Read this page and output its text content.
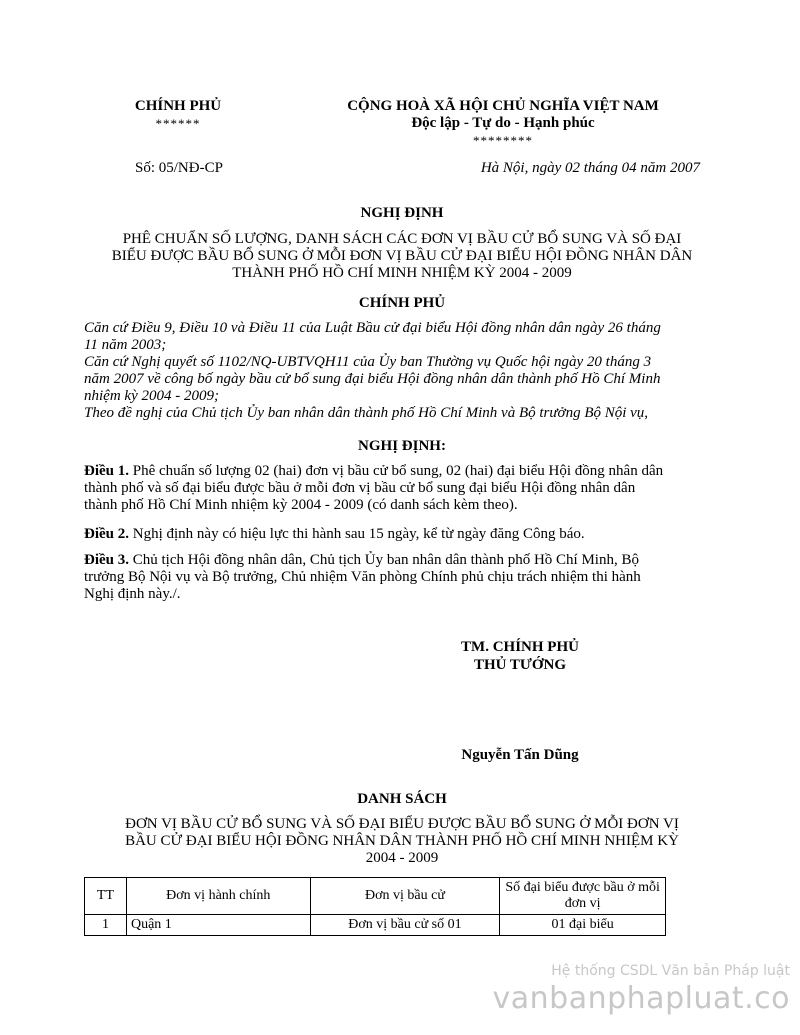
CHÍNH PHỦ
******
CỘNG HOÀ XÃ HỘI CHỦ NGHĨA VIỆT NAM
Độc lập - Tự do - Hạnh phúc
********
Số: 05/NĐ-CP	Hà Nội, ngày 02 tháng 04 năm 2007
NGHỊ ĐỊNH
PHÊ CHUẨN SỐ LƯỢNG, DANH SÁCH CÁC ĐƠN VỊ BẦU CỬ BỔ SUNG VÀ SỐ ĐẠI
BIỂU ĐƯỢC BẦU BỔ SUNG Ở MỖI ĐƠN VỊ BẦU CỬ ĐẠI BIỂU HỘI ĐỒNG NHÂN DÂN
THÀNH PHỐ HỒ CHÍ MINH NHIỆM KỲ 2004 - 2009
CHÍNH PHỦ
Căn cứ Điều 9, Điều 10 và Điều 11 của Luật Bầu cử đại biểu Hội đồng nhân dân ngày 26 tháng
11 năm 2003;
Căn cứ Nghị quyết số 1102/NQ-UBTVQH11 của Ủy ban Thường vụ Quốc hội ngày 20 tháng 3
năm 2007 về công bố ngày bầu cử bổ sung đại biểu Hội đồng nhân dân thành phố Hồ Chí Minh
nhiệm kỳ 2004 - 2009;
Theo đề nghị của Chủ tịch Ủy ban nhân dân thành phố Hồ Chí Minh và Bộ trưởng Bộ Nội vụ,
NGHỊ ĐỊNH:
Điều 1. Phê chuẩn số lượng 02 (hai) đơn vị bầu cử bổ sung, 02 (hai) đại biểu Hội đồng nhân dân
thành phố và số đại biểu được bầu ở mỗi đơn vị bầu cử bổ sung đại biểu Hội đồng nhân dân
thành phố Hồ Chí Minh nhiệm kỳ 2004 - 2009 (có danh sách kèm theo).
Điều 2. Nghị định này có hiệu lực thi hành sau 15 ngày, kể từ ngày đăng Công báo.
Điều 3. Chủ tịch Hội đồng nhân dân, Chủ tịch Ủy ban nhân dân thành phố Hồ Chí Minh, Bộ
trưởng Bộ Nội vụ và Bộ trưởng, Chủ nhiệm Văn phòng Chính phủ chịu trách nhiệm thi hành
Nghị định này./.
TM. CHÍNH PHỦ
THỦ TƯỚNG
Nguyễn Tấn Dũng
DANH SÁCH
ĐƠN VỊ BẦU CỬ BỔ SUNG VÀ SỐ ĐẠI BIỂU ĐƯỢC BẦU BỔ SUNG Ở MỖI ĐƠN VỊ
BẦU CỬ ĐẠI BIỂU HỘI ĐỒNG NHÂN DÂN THÀNH PHỐ HỒ CHÍ MINH NHIỆM KỲ
2004 - 2009
TT	Đơn vị hành chính	Đơn vị bầu cử	Số đại biểu được bầu ở mỗi đơn vị
1	Quận 1	Đơn vị bầu cử số 01	01 đại biểu
Hệ thống CSDL Văn bản Pháp luật
vanbanphapluat.co
